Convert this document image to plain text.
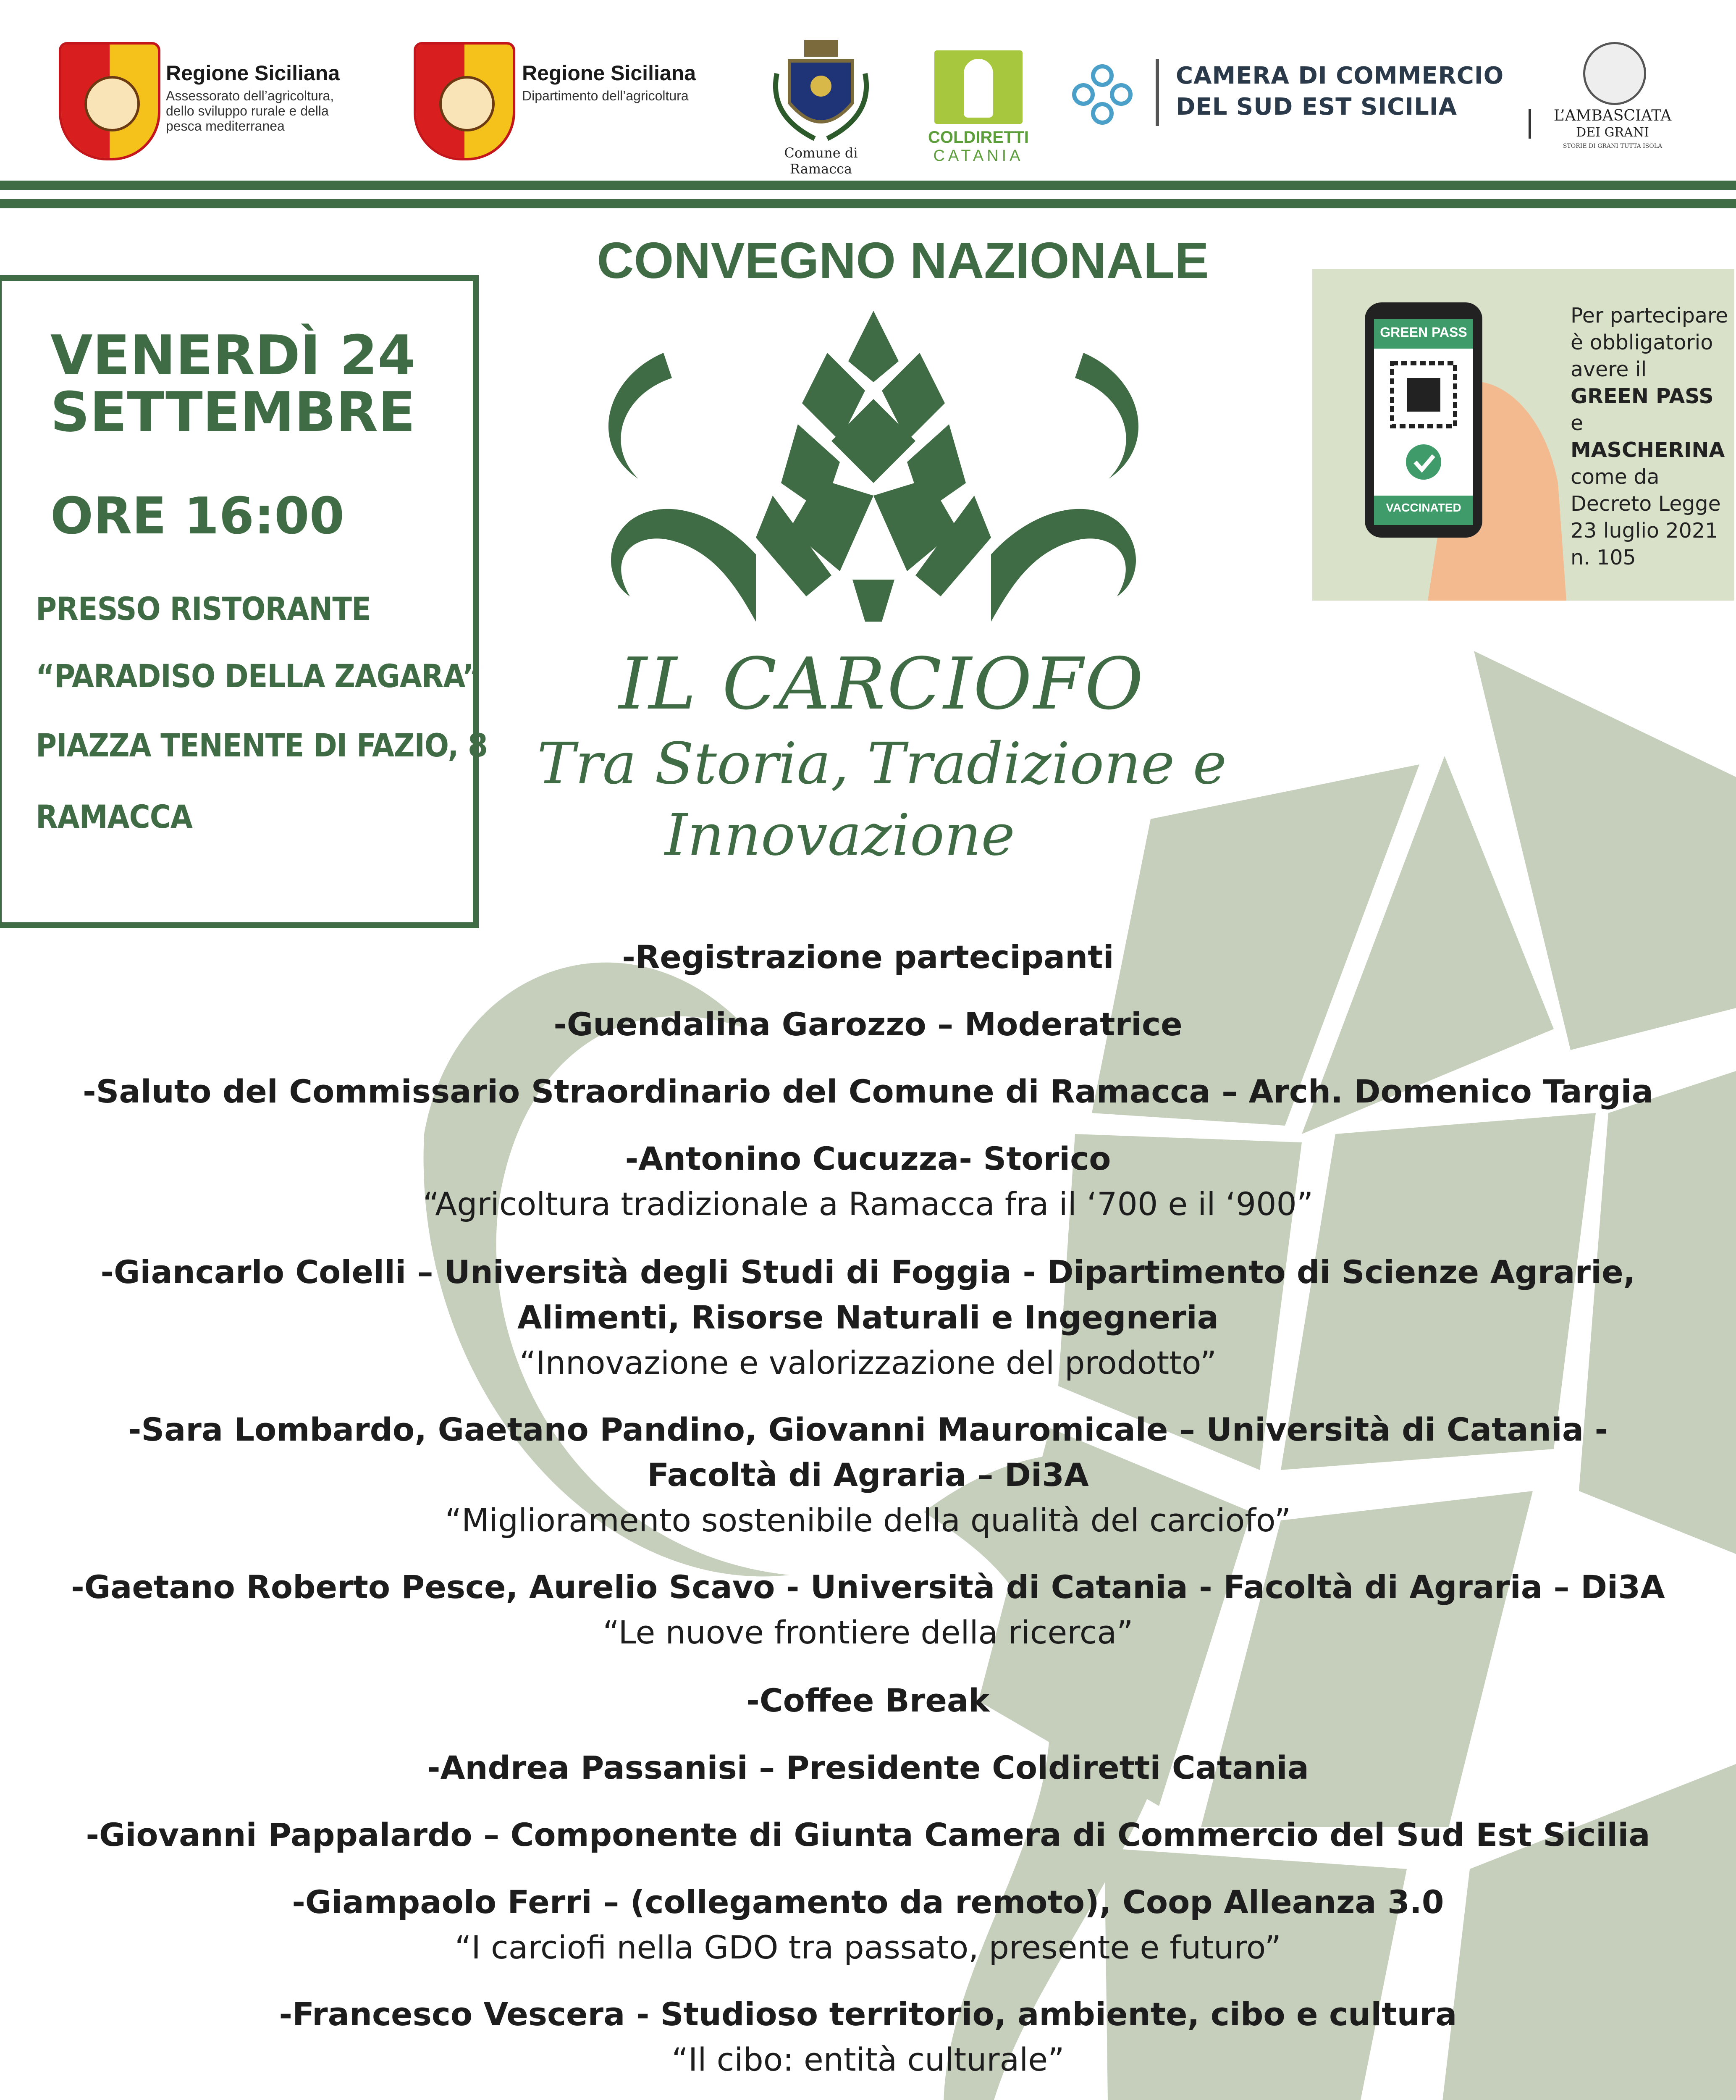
Regione Siciliana
Assessorato dell’agricoltura, dello sviluppo rurale e della pesca mediterranea
Regione Siciliana
Dipartimento dell’agricoltura
Comune di Ramacca
COLDIRETTI
CATANIA
CAMERA DI COMMERCIO
DEL SUD EST SICILIA	L’AMBASCIATA
DEI GRANI
STORIE DI GRANI TUTTA ISOLA
CONVEGNO NAZIONALE
IL CARCIOFO
Tra Storia, Tradizione e
Innovazione
VENERDÌ 24
SETTEMBRE
ORE 16:00
PRESSO RISTORANTE
“PARADISO DELLA ZAGARA”
PIAZZA TENENTE DI FAZIO, 8
RAMACCA
GREEN PASS
VACCINATED
Per partecipare
è obbligatorio
avere il
GREEN PASS e
MASCHERINA
come da
Decreto Legge
23 luglio 2021
n. 105
-Registrazione partecipanti
-Guendalina Garozzo – Moderatrice
-Saluto del Commissario Straordinario del Comune di Ramacca – Arch. Domenico Targia
-Antonino Cucuzza- Storico
“Agricoltura tradizionale a Ramacca fra il ‘700 e il ‘900”
-Giancarlo Colelli – Università degli Studi di Foggia - Dipartimento di Scienze Agrarie,
Alimenti, Risorse Naturali e Ingegneria
“Innovazione e valorizzazione del prodotto”
-Sara Lombardo, Gaetano Pandino, Giovanni Mauromicale – Università di Catania -
Facoltà di Agraria – Di3A
“Miglioramento sostenibile della qualità del carciofo”
-Gaetano Roberto Pesce, Aurelio Scavo - Università di Catania - Facoltà di Agraria – Di3A
“Le nuove frontiere della ricerca”
-Coffee Break
-Andrea Passanisi – Presidente Coldiretti Catania
-Giovanni Pappalardo – Componente di Giunta Camera di Commercio del Sud Est Sicilia
-Giampaolo Ferri – (collegamento da remoto), Coop Alleanza 3.0
“I carciofi nella GDO tra passato, presente e futuro”
-Francesco Vescera - Studioso territorio, ambiente, cibo e cultura
“Il cibo: entità culturale”
